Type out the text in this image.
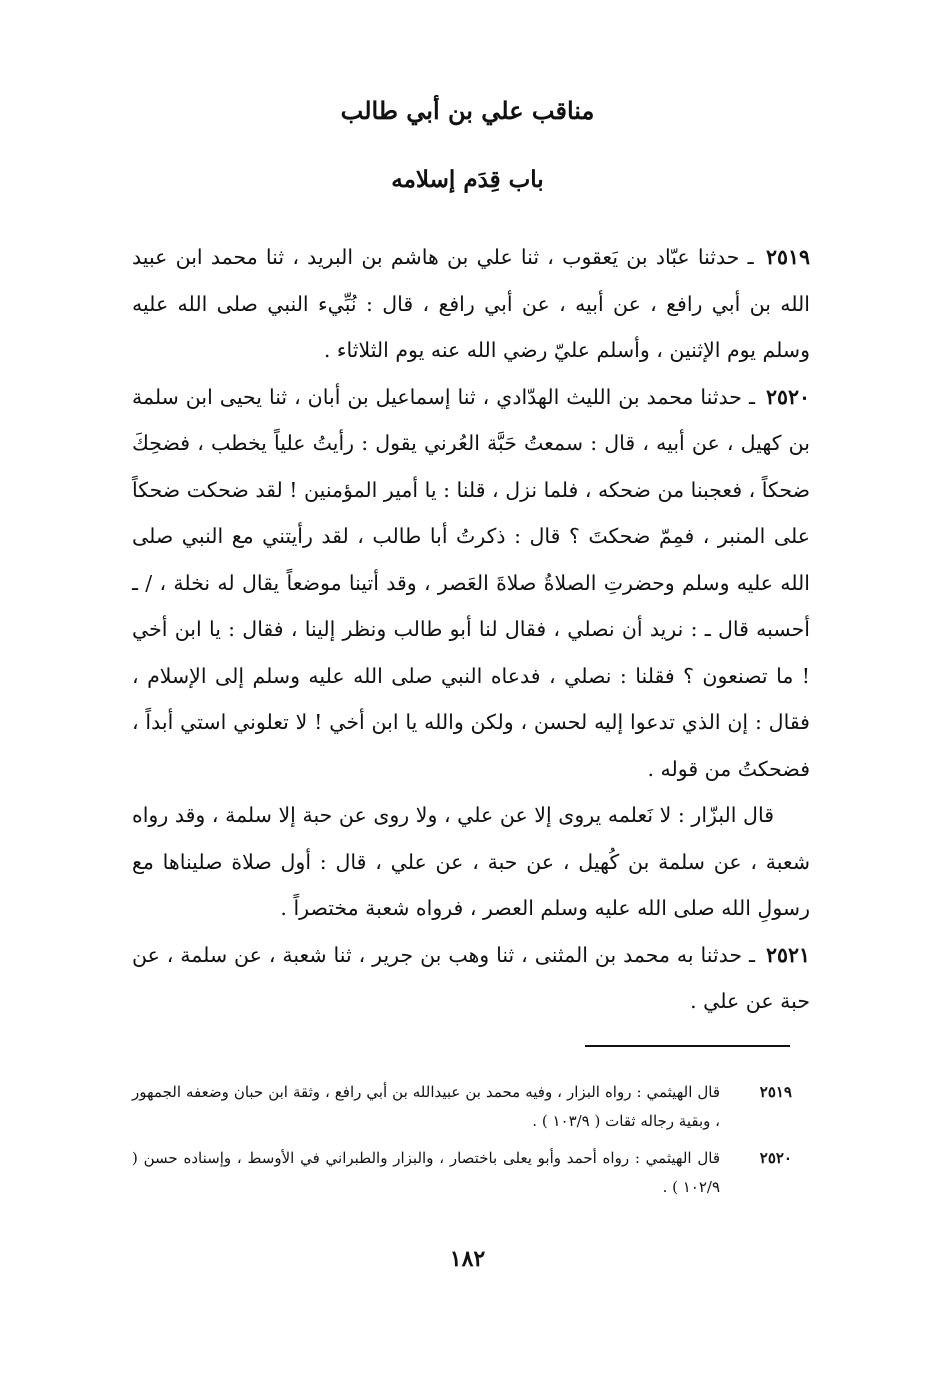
مناقب علي بن أبي طالب
باب قِدَم إسلامه

٢٥١٩ ـ حدثنا عبّاد بن يَعقوب ، ثنا علي بن هاشم بن البريد ، ثنا محمد ابن عبيد الله بن أبي رافع ، عن أبيه ، عن أبي رافع ، قال : نُبِّيء النبي صلى الله عليه وسلم يوم الإثنين ، وأسلم عليّ رضي الله عنه يوم الثلاثاء .

٢٥٢٠ ـ حدثنا محمد بن الليث الهدّادي ، ثنا إسماعيل بن أبان ، ثنا يحيى ابن سلمة بن كهيل ، عن أبيه ، قال : سمعتُ حَبَّة العُرني يقول : رأيتُ علياً يخطب ، فضحِكَ ضحكاً ، فعجبنا من ضحكه ، فلما نزل ، قلنا : يا أمير المؤمنين ! لقد ضحكت ضحكاً على المنبر ، فمِمّ ضحكتَ ؟ قال : ذكرتُ أبا طالب ، لقد رأيتني مع النبي صلى الله عليه وسلم وحضرتِ الصلاةُ صلاةَ العَصر ، وقد أتينا موضعاً يقال له نخلة ، / ـ أحسبه قال ـ : نريد أن نصلي ، فقال لنا أبو طالب ونظر إلينا ، فقال : يا ابن أخي ! ما تصنعون ؟ فقلنا : نصلي ، فدعاه النبي صلى الله عليه وسلم إلى الإسلام ، فقال : إن الذي تدعوا إليه لحسن ، ولكن والله يا ابن أخي ! لا تعلوني استي أبداً ، فضحكتُ من قوله .

قال البزّار : لا نَعلمه يروى إلا عن علي ، ولا روى عن حبة إلا سلمة ، وقد رواه شعبة ، عن سلمة بن كُهيل ، عن حبة ، عن علي ، قال : أول صلاة صليناها مع رسولِ الله صلى الله عليه وسلم العصر ، فرواه شعبة مختصراً .

٢٥٢١ ـ حدثنا به محمد بن المثنى ، ثنا وهب بن جرير ، ثنا شعبة ، عن سلمة ، عن حبة عن علي .

٢٥١٩
قال الهيثمي : رواه البزار ، وفيه محمد بن عبيدالله بن أبي رافع ، وثقة ابن حبان وضعفه الجمهور ، وبقية رجاله ثقات ( ١٠٣/٩ ) .
٢٥٢٠
قال الهيثمي : رواه أحمد وأبو يعلى باختصار ، والبزار والطبراني في الأوسط ، وإسناده حسن ( ١٠٢/٩ ) .
١٨٢
